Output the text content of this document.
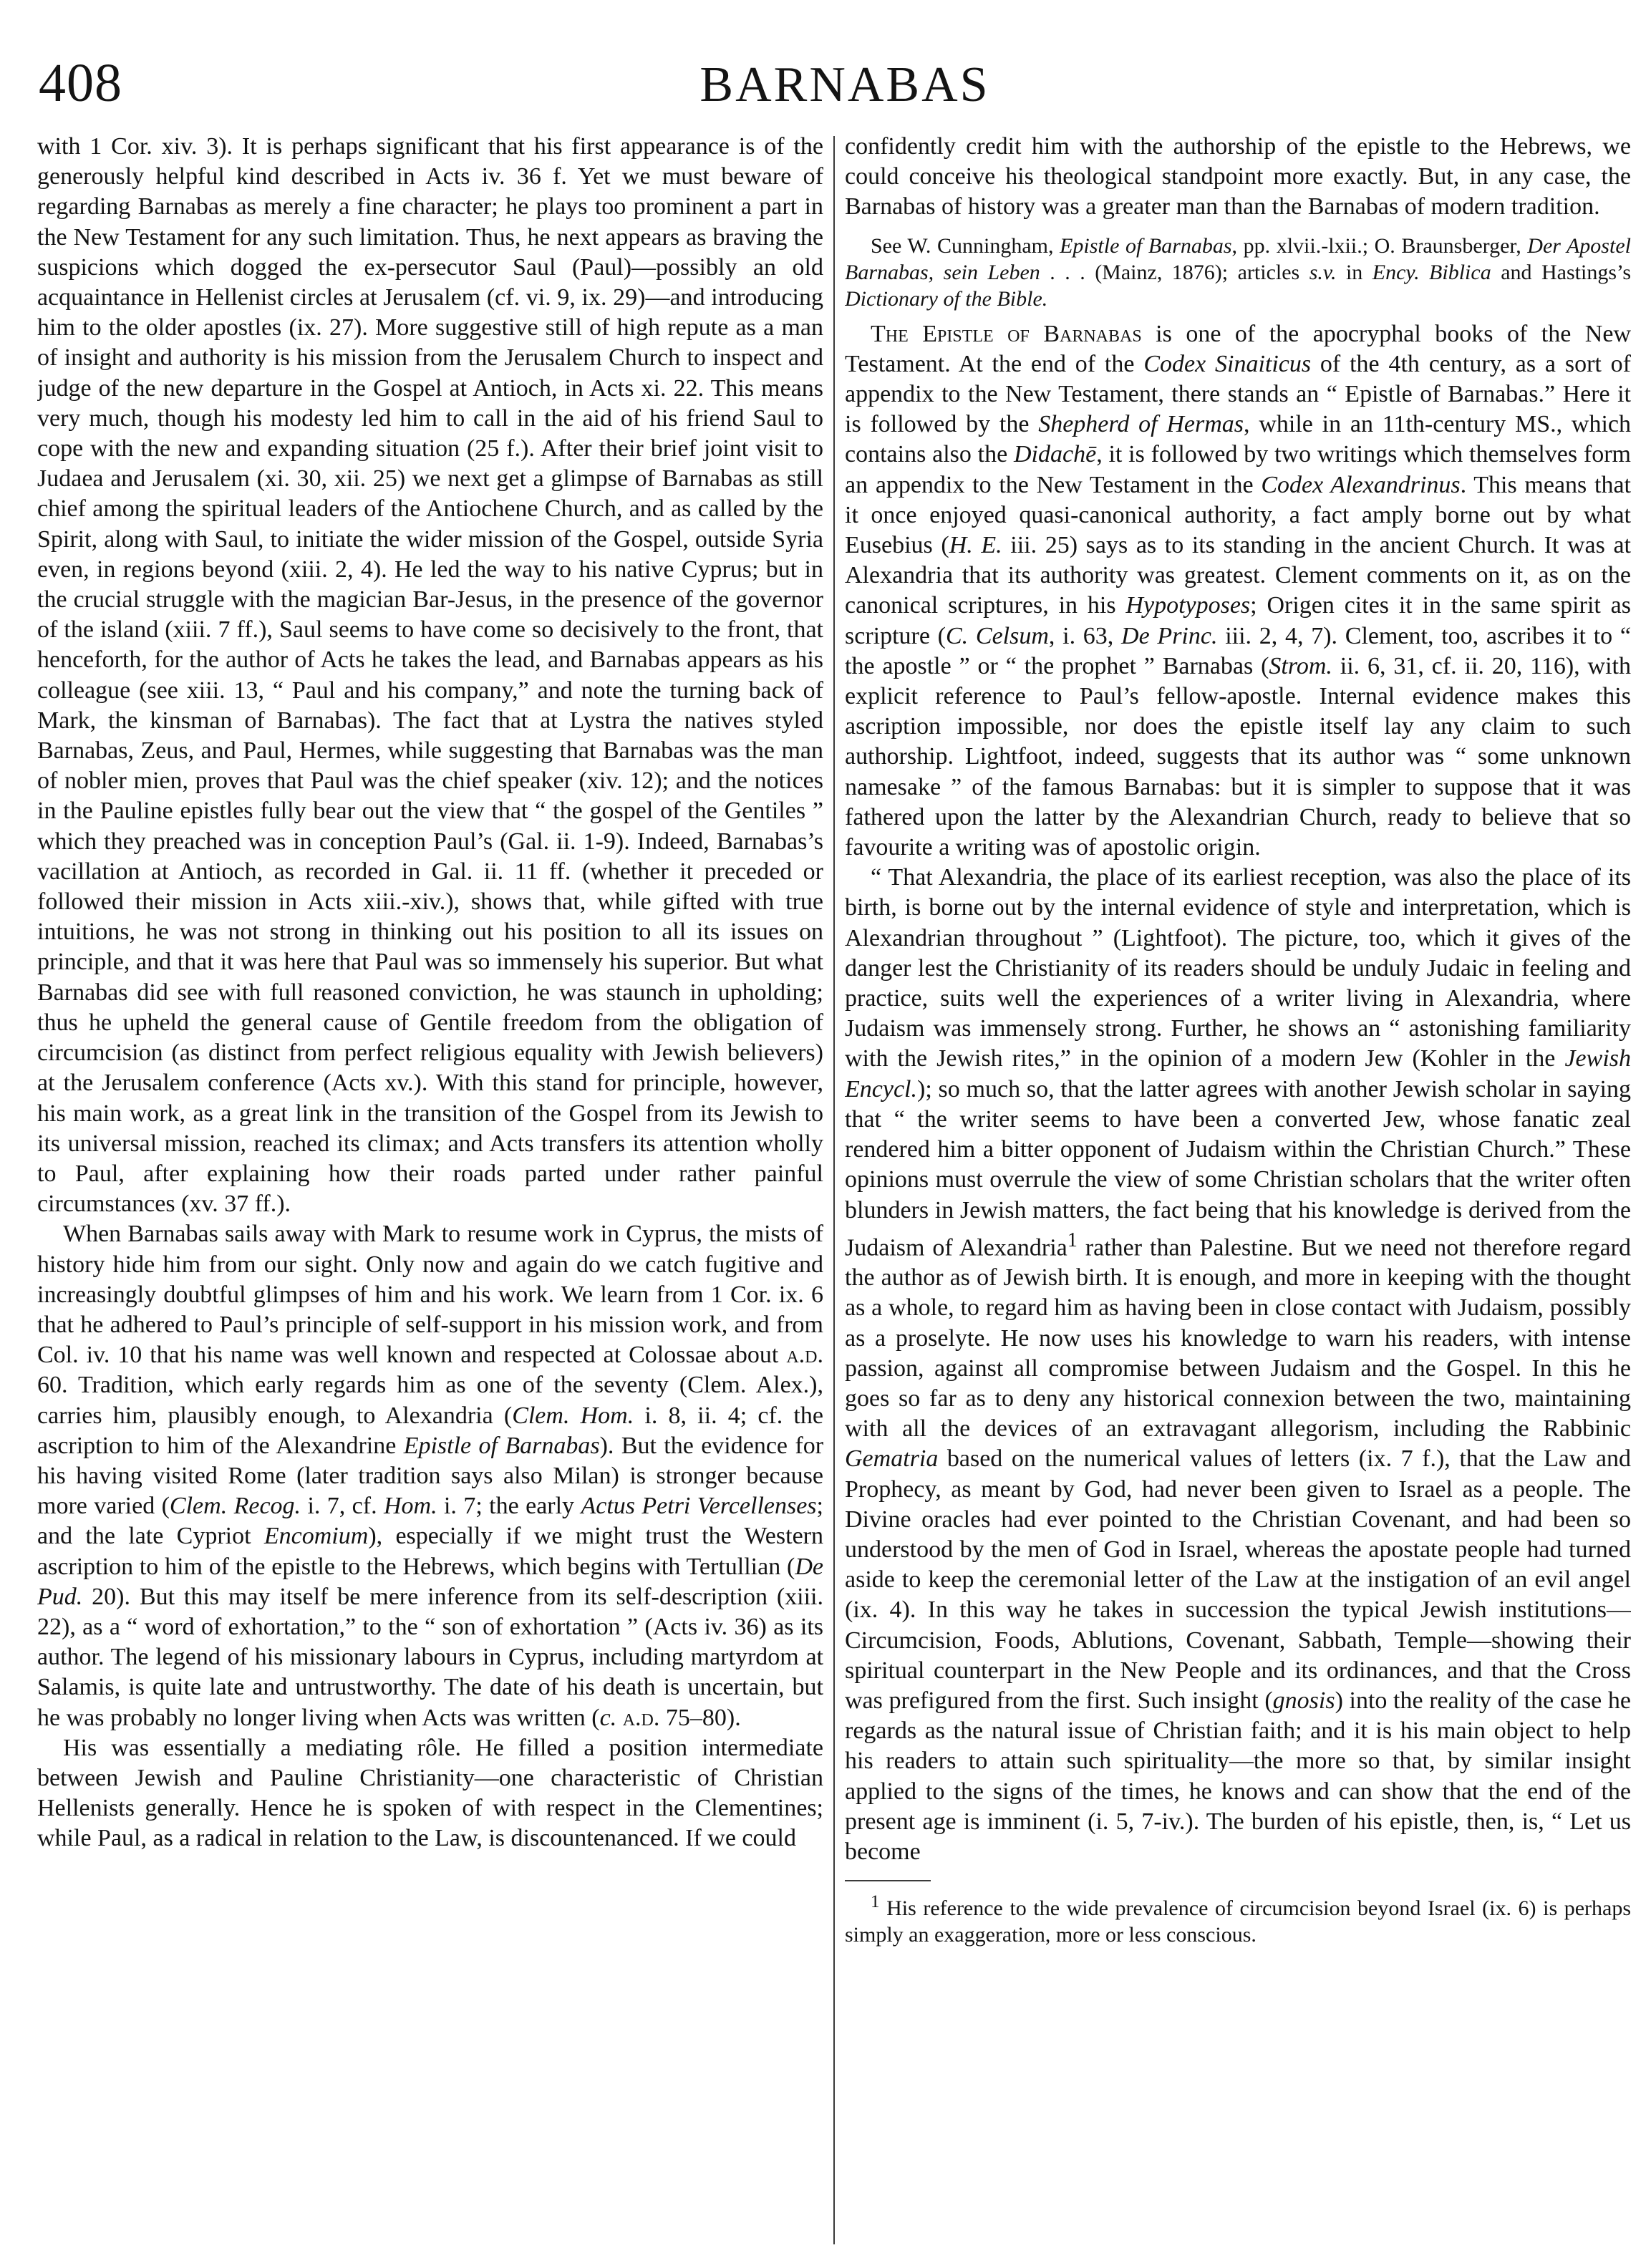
408	BARNABAS

with 1 Cor. xiv. 3). It is perhaps significant that his first appearance is of the generously helpful kind described in Acts iv. 36 f. Yet we must beware of regarding Barnabas as merely a fine character; he plays too prominent a part in the New Testament for any such limitation. Thus, he next appears as braving the suspicions which dogged the ex-persecutor Saul (Paul)—possibly an old acquaintance in Hellenist circles at Jerusalem (cf. vi. 9, ix. 29)—and introducing him to the older apostles (ix. 27). More suggestive still of high repute as a man of insight and authority is his mission from the Jerusalem Church to inspect and judge of the new departure in the Gospel at Antioch, in Acts xi. 22. This means very much, though his modesty led him to call in the aid of his friend Saul to cope with the new and expanding situation (25 f.). After their brief joint visit to Judaea and Jerusalem (xi. 30, xii. 25) we next get a glimpse of Barnabas as still chief among the spiritual leaders of the Antiochene Church, and as called by the Spirit, along with Saul, to initiate the wider mission of the Gospel, outside Syria even, in regions beyond (xiii. 2, 4). He led the way to his native Cyprus; but in the crucial struggle with the magician Bar-Jesus, in the presence of the governor of the island (xiii. 7 ff.), Saul seems to have come so decisively to the front, that henceforth, for the author of Acts he takes the lead, and Barnabas appears as his colleague (see xiii. 13, “ Paul and his company,” and note the turning back of Mark, the kinsman of Barnabas). The fact that at Lystra the natives styled Barnabas, Zeus, and Paul, Hermes, while suggesting that Barnabas was the man of nobler mien, proves that Paul was the chief speaker (xiv. 12); and the notices in the Pauline epistles fully bear out the view that “ the gospel of the Gentiles ” which they preached was in conception Paul’s (Gal. ii. 1-9). Indeed, Barnabas’s vacillation at Antioch, as recorded in Gal. ii. 11 ff. (whether it preceded or followed their mission in Acts xiii.-xiv.), shows that, while gifted with true intuitions, he was not strong in thinking out his position to all its issues on principle, and that it was here that Paul was so immensely his superior. But what Barnabas did see with full reasoned conviction, he was staunch in upholding; thus he upheld the general cause of Gentile freedom from the obligation of circumcision (as distinct from perfect religious equality with Jewish believers) at the Jerusalem conference (Acts xv.). With this stand for principle, however, his main work, as a great link in the transition of the Gospel from its Jewish to its universal mission, reached its climax; and Acts transfers its attention wholly to Paul, after explaining how their roads parted under rather painful circumstances (xv. 37 ff.).

When Barnabas sails away with Mark to resume work in Cyprus, the mists of history hide him from our sight. Only now and again do we catch fugitive and increasingly doubtful glimpses of him and his work. We learn from 1 Cor. ix. 6 that he adhered to Paul’s principle of self-support in his mission work, and from Col. iv. 10 that his name was well known and respected at Colossae about a.d. 60. Tradition, which early regards him as one of the seventy (Clem. Alex.), carries him, plausibly enough, to Alexandria (Clem. Hom. i. 8, ii. 4; cf. the ascription to him of the Alexandrine Epistle of Barnabas). But the evidence for his having visited Rome (later tradition says also Milan) is stronger because more varied (Clem. Recog. i. 7, cf. Hom. i. 7; the early Actus Petri Vercellenses; and the late Cypriot Encomium), especially if we might trust the Western ascription to him of the epistle to the Hebrews, which begins with Tertullian (De Pud. 20). But this may itself be mere inference from its self-description (xiii. 22), as a “ word of exhortation,” to the “ son of exhortation ” (Acts iv. 36) as its author. The legend of his missionary labours in Cyprus, including martyrdom at Salamis, is quite late and untrustworthy. The date of his death is uncertain, but he was probably no longer living when Acts was written (c. a.d. 75–80).

His was essentially a mediating rôle. He filled a position intermediate between Jewish and Pauline Christianity—one characteristic of Christian Hellenists generally. Hence he is spoken of with respect in the Clementines; while Paul, as a radical in relation to the Law, is discountenanced. If we could

confidently credit him with the authorship of the epistle to the Hebrews, we could conceive his theological standpoint more exactly. But, in any case, the Barnabas of history was a greater man than the Barnabas of modern tradition.

See W. Cunningham, Epistle of Barnabas, pp. xlvii.-lxii.; O. Braunsberger, Der Apostel Barnabas, sein Leben . . . (Mainz, 1876); articles s.v. in Ency. Biblica and Hastings’s Dictionary of the Bible.

The Epistle of Barnabas is one of the apocryphal books of the New Testament. At the end of the Codex Sinaiticus of the 4th century, as a sort of appendix to the New Testament, there stands an “ Epistle of Barnabas.” Here it is followed by the Shepherd of Hermas, while in an 11th-century MS., which contains also the Didachē, it is followed by two writings which themselves form an appendix to the New Testament in the Codex Alexandrinus. This means that it once enjoyed quasi-canonical authority, a fact amply borne out by what Eusebius (H. E. iii. 25) says as to its standing in the ancient Church. It was at Alexandria that its authority was greatest. Clement comments on it, as on the canonical scriptures, in his Hypotyposes; Origen cites it in the same spirit as scripture (C. Celsum, i. 63, De Princ. iii. 2, 4, 7). Clement, too, ascribes it to “ the apostle ” or “ the prophet ” Barnabas (Strom. ii. 6, 31, cf. ii. 20, 116), with explicit reference to Paul’s fellow-apostle. Internal evidence makes this ascription impossible, nor does the epistle itself lay any claim to such authorship. Lightfoot, indeed, suggests that its author was “ some unknown namesake ” of the famous Barnabas: but it is simpler to suppose that it was fathered upon the latter by the Alexandrian Church, ready to believe that so favourite a writing was of apostolic origin.

“ That Alexandria, the place of its earliest reception, was also the place of its birth, is borne out by the internal evidence of style and interpretation, which is Alexandrian throughout ” (Lightfoot). The picture, too, which it gives of the danger lest the Christianity of its readers should be unduly Judaic in feeling and practice, suits well the experiences of a writer living in Alexandria, where Judaism was immensely strong. Further, he shows an “ astonishing familiarity with the Jewish rites,” in the opinion of a modern Jew (Kohler in the Jewish Encycl.); so much so, that the latter agrees with another Jewish scholar in saying that “ the writer seems to have been a converted Jew, whose fanatic zeal rendered him a bitter opponent of Judaism within the Christian Church.” These opinions must overrule the view of some Christian scholars that the writer often blunders in Jewish matters, the fact being that his knowledge is derived from the Judaism of Alexandria$^1$ rather than Palestine. But we need not therefore regard the author as of Jewish birth. It is enough, and more in keeping with the thought as a whole, to regard him as having been in close contact with Judaism, possibly as a proselyte. He now uses his knowledge to warn his readers, with intense passion, against all compromise between Judaism and the Gospel. In this he goes so far as to deny any historical connexion between the two, maintaining with all the devices of an extravagant allegorism, including the Rabbinic Gematria based on the numerical values of letters (ix. 7 f.), that the Law and Prophecy, as meant by God, had never been given to Israel as a people. The Divine oracles had ever pointed to the Christian Covenant, and had been so understood by the men of God in Israel, whereas the apostate people had turned aside to keep the ceremonial letter of the Law at the instigation of an evil angel (ix. 4). In this way he takes in succession the typical Jewish institutions—Circumcision, Foods, Ablutions, Covenant, Sabbath, Temple—showing their spiritual counterpart in the New People and its ordinances, and that the Cross was prefigured from the first. Such insight (gnosis) into the reality of the case he regards as the natural issue of Christian faith; and it is his main object to help his readers to attain such spirituality—the more so that, by similar insight applied to the signs of the times, he knows and can show that the end of the present age is imminent (i. 5, 7-iv.). The burden of his epistle, then, is, “ Let us become

$^1$ His reference to the wide prevalence of circumcision beyond Israel (ix. 6) is perhaps simply an exaggeration, more or less conscious.
